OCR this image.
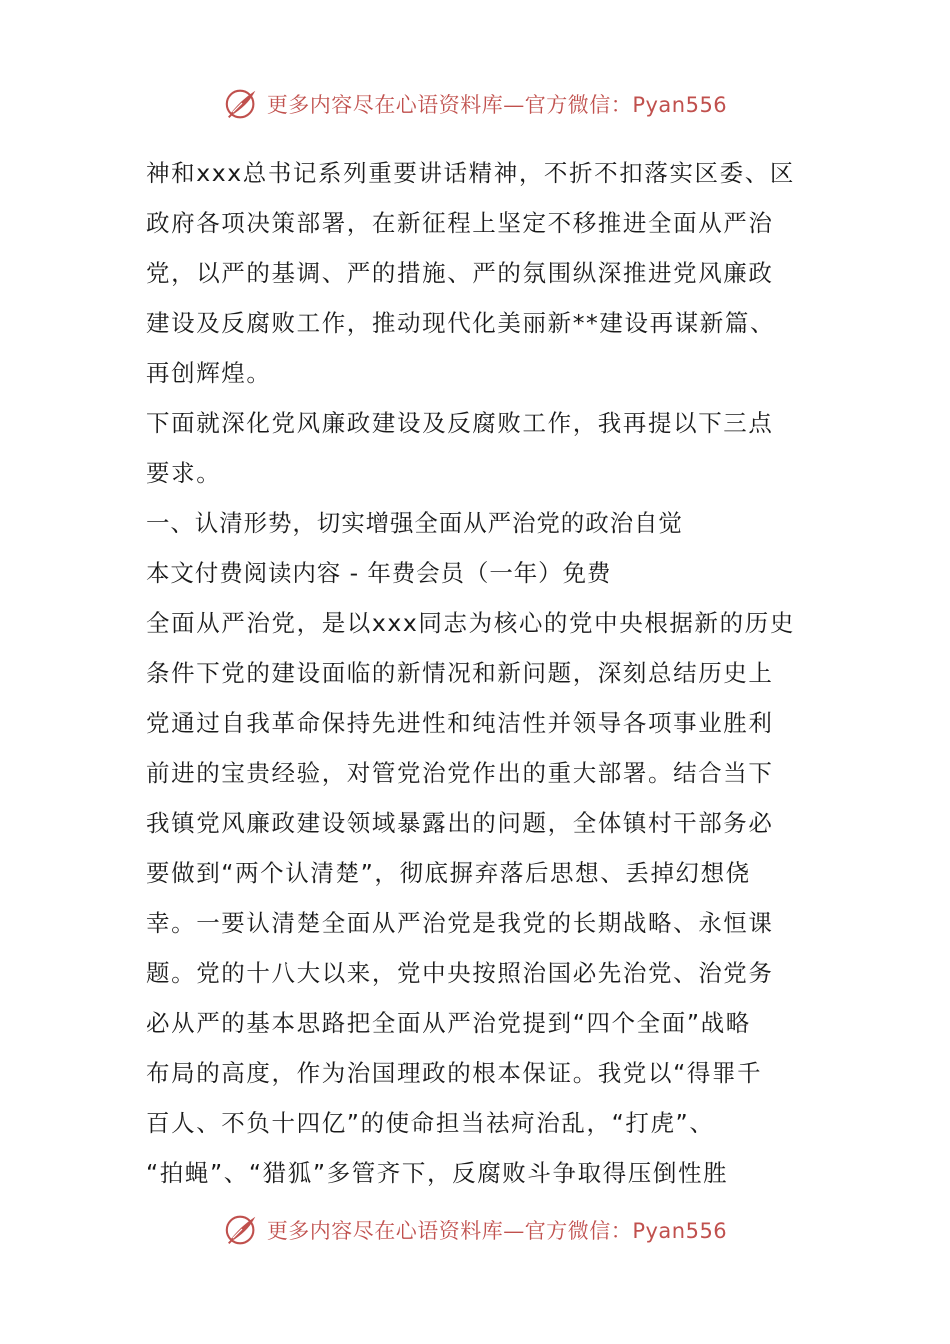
更多内容尽在心语资料库—官方微信：Pyan556
神和xxx总书记系列重要讲话精神，不折不扣落实区委、区
政府各项决策部署，在新征程上坚定不移推进全面从严治
党，以严的基调、严的措施、严的氛围纵深推进党风廉政
建设及反腐败工作，推动现代化美丽新**建设再谋新篇、
再创辉煌。
下面就深化党风廉政建设及反腐败工作，我再提以下三点
要求。
一、认清形势，切实增强全面从严治党的政治自觉
本文付费阅读内容 - 年费会员（一年）免费
全面从严治党，是以xxx同志为核心的党中央根据新的历史
条件下党的建设面临的新情况和新问题，深刻总结历史上
党通过自我革命保持先进性和纯洁性并领导各项事业胜利
前进的宝贵经验，对管党治党作出的重大部署。结合当下
我镇党风廉政建设领域暴露出的问题，全体镇村干部务必
要做到“两个认清楚”，彻底摒弃落后思想、丢掉幻想侥
幸。一要认清楚全面从严治党是我党的长期战略、永恒课
题。党的十八大以来，党中央按照治国必先治党、治党务
必从严的基本思路把全面从严治党提到“四个全面”战略
布局的高度，作为治国理政的根本保证。我党以“得罪千
百人、不负十四亿”的使命担当祛疴治乱，“打虎”、
“拍蝇”、“猎狐”多管齐下，反腐败斗争取得压倒性胜
更多内容尽在心语资料库—官方微信：Pyan556
